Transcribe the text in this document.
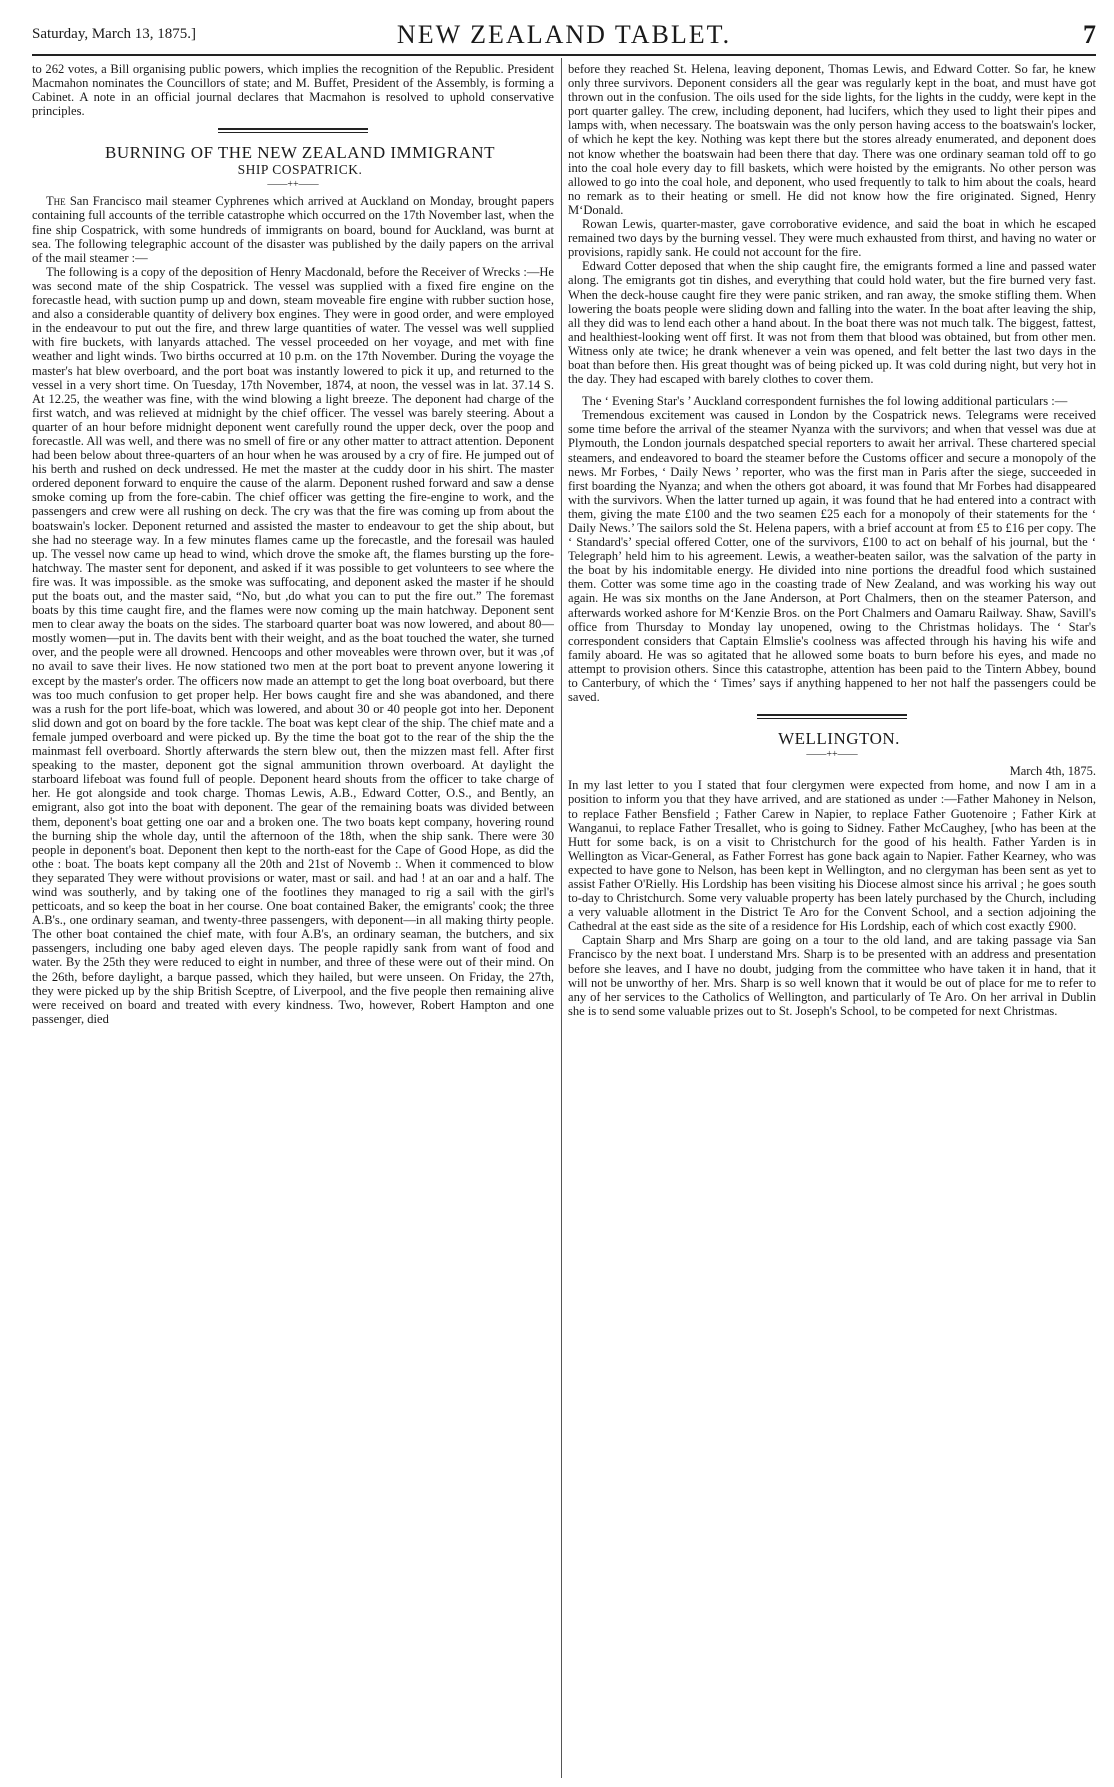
Saturday, March 13, 1875.]	NEW ZEALAND TABLET.	7

to 262 votes, a Bill organising public powers, which implies the recognition of the Republic. President Macmahon nominates the Councillors of state; and M. Buffet, President of the Assembly, is forming a Cabinet. A note in an official journal declares that Macmahon is resolved to uphold conservative principles.

BURNING OF THE NEW ZEALAND IMMIGRANT

SHIP COSPATRICK.

——++——

The San Francisco mail steamer Cyphrenes which arrived at Auckland on Monday, brought papers containing full accounts of the terrible catastrophe which occurred on the 17th November last, when the fine ship Cospatrick, with some hundreds of immigrants on board, bound for Auckland, was burnt at sea. The following telegraphic account of the disaster was published by the daily papers on the arrival of the mail steamer :—

The following is a copy of the deposition of Henry Macdonald, before the Receiver of Wrecks :—He was second mate of the ship Cospatrick. The vessel was supplied with a fixed fire engine on the forecastle head, with suction pump up and down, steam moveable fire engine with rubber suction hose, and also a considerable quantity of delivery box engines. They were in good order, and were employed in the endeavour to put out the fire, and threw large quantities of water. The vessel was well supplied with fire buckets, with lanyards attached. The vessel proceeded on her voyage, and met with fine weather and light winds. Two births occurred at 10 p.m. on the 17th November. During the voyage the master's hat blew overboard, and the port boat was instantly lowered to pick it up, and returned to the vessel in a very short time. On Tuesday, 17th November, 1874, at noon, the vessel was in lat. 37.14 S. At 12.25, the weather was fine, with the wind blowing a light breeze. The deponent had charge of the first watch, and was relieved at midnight by the chief officer. The vessel was barely steering. About a quarter of an hour before midnight deponent went carefully round the upper deck, over the poop and forecastle. All was well, and there was no smell of fire or any other matter to attract attention. Deponent had been below about three-quarters of an hour when he was aroused by a cry of fire. He jumped out of his berth and rushed on deck undressed. He met the master at the cuddy door in his shirt. The master ordered deponent forward to enquire the cause of the alarm. Deponent rushed forward and saw a dense smoke coming up from the fore-cabin. The chief officer was getting the fire-engine to work, and the passengers and crew were all rushing on deck. The cry was that the fire was coming up from about the boatswain's locker. Deponent returned and assisted the master to endeavour to get the ship about, but she had no steerage way. In a few minutes flames came up the forecastle, and the foresail was hauled up. The vessel now came up head to wind, which drove the smoke aft, the flames bursting up the fore-hatchway. The master sent for deponent, and asked if it was possible to get volunteers to see where the fire was. It was impossible. as the smoke was suffocating, and deponent asked the master if he should put the boats out, and the master said, “No, but ,do what you can to put the fire out.” The foremast boats by this time caught fire, and the flames were now coming up the main hatchway. Deponent sent men to clear away the boats on the sides. The starboard quarter boat was now lowered, and about 80—mostly women—put in. The davits bent with their weight, and as the boat touched the water, she turned over, and the people were all drowned. Hencoops and other moveables were thrown over, but it was ,of no avail to save their lives. He now stationed two men at the port boat to prevent anyone lowering it except by the master's order. The officers now made an attempt to get the long boat overboard, but there was too much confusion to get proper help. Her bows caught fire and she was abandoned, and there was a rush for the port life-boat, which was lowered, and about 30 or 40 people got into her. Deponent slid down and got on board by the fore tackle. The boat was kept clear of the ship. The chief mate and a female jumped overboard and were picked up. By the time the boat got to the rear of the ship the the mainmast fell overboard. Shortly afterwards the stern blew out, then the mizzen mast fell. After first speaking to the master, deponent got the signal ammunition thrown overboard. At daylight the starboard lifeboat was found full of people. Deponent heard shouts from the officer to take charge of her. He got alongside and took charge. Thomas Lewis, A.B., Edward Cotter, O.S., and Bently, an emigrant, also got into the boat with deponent. The gear of the remaining boats was divided between them, deponent's boat getting one oar and a broken one. The two boats kept company, hovering round the burning ship the whole day, until the afternoon of the 18th, when the ship sank. There were 30 people in deponent's boat. Deponent then kept to the north-east for the Cape of Good Hope, as did the othe : boat. The boats kept company all the 20th and 21st of Novemb :. When it commenced to blow they separated They were without provisions or water, mast or sail. and had ! at an oar and a half. The wind was southerly, and by taking one of the footlines they managed to rig a sail with the girl's petticoats, and so keep the boat in her course. One boat contained Baker, the emigrants' cook; the three A.B's., one ordinary seaman, and twenty-three passengers, with deponent—in all making thirty people. The other boat contained the chief mate, with four A.B's, an ordinary seaman, the butchers, and six passengers, including one baby aged eleven days. The people rapidly sank from want of food and water. By the 25th they were reduced to eight in number, and three of these were out of their mind. On the 26th, before daylight, a barque passed, which they hailed, but were unseen. On Friday, the 27th, they were picked up by the ship British Sceptre, of Liverpool, and the five people then remaining alive were received on board and treated with every kindness. Two, however, Robert Hampton and one passenger, died

before they reached St. Helena, leaving deponent, Thomas Lewis, and Edward Cotter. So far, he knew only three survivors. Deponent considers all the gear was regularly kept in the boat, and must have got thrown out in the confusion. The oils used for the side lights, for the lights in the cuddy, were kept in the port quarter galley. The crew, including deponent, had lucifers, which they used to light their pipes and lamps with, when necessary. The boatswain was the only person having access to the boatswain's locker, of which he kept the key. Nothing was kept there but the stores already enumerated, and deponent does not know whether the boatswain had been there that day. There was one ordinary seaman told off to go into the coal hole every day to fill baskets, which were hoisted by the emigrants. No other person was allowed to go into the coal hole, and deponent, who used frequently to talk to him about the coals, heard no remark as to their heating or smell. He did not know how the fire originated. Signed, Henry M‘Donald.

Rowan Lewis, quarter-master, gave corroborative evidence, and said the boat in which he escaped remained two days by the burning vessel. They were much exhausted from thirst, and having no water or provisions, rapidly sank. He could not account for the fire.

Edward Cotter deposed that when the ship caught fire, the emigrants formed a line and passed water along. The emigrants got tin dishes, and everything that could hold water, but the fire burned very fast. When the deck-house caught fire they were panic striken, and ran away, the smoke stifling them. When lowering the boats people were sliding down and falling into the water. In the boat after leaving the ship, all they did was to lend each other a hand about. In the boat there was not much talk. The biggest, fattest, and healthiest-looking went off first. It was not from them that blood was obtained, but from other men. Witness only ate twice; he drank whenever a vein was opened, and felt better the last two days in the boat than before then. His great thought was of being picked up. It was cold during night, but very hot in the day. They had escaped with barely clothes to cover them.

The ‘ Evening Star's ’ Auckland correspondent furnishes the fol lowing additional particulars :—

Tremendous excitement was caused in London by the Cospatrick news. Telegrams were received some time before the arrival of the steamer Nyanza with the survivors; and when that vessel was due at Plymouth, the London journals despatched special reporters to await her arrival. These chartered special steamers, and endeavored to board the steamer before the Customs officer and secure a monopoly of the news. Mr Forbes, ‘ Daily News ’ reporter, who was the first man in Paris after the siege, succeeded in first boarding the Nyanza; and when the others got aboard, it was found that Mr Forbes had disappeared with the survivors. When the latter turned up again, it was found that he had entered into a contract with them, giving the mate £100 and the two seamen £25 each for a monopoly of their statements for the ‘ Daily News.’ The sailors sold the St. Helena papers, with a brief account at from £5 to £16 per copy. The ‘ Standard's’ special offered Cotter, one of the survivors, £100 to act on behalf of his journal, but the ‘ Telegraph’ held him to his agreement. Lewis, a weather-beaten sailor, was the salvation of the party in the boat by his indomitable energy. He divided into nine portions the dreadful food which sustained them. Cotter was some time ago in the coasting trade of New Zealand, and was working his way out again. He was six months on the Jane Anderson, at Port Chalmers, then on the steamer Paterson, and afterwards worked ashore for M‘Kenzie Bros. on the Port Chalmers and Oamaru Railway. Shaw, Savill's office from Thursday to Monday lay unopened, owing to the Christmas holidays. The ‘ Star's correspondent considers that Captain Elmslie's coolness was affected through his having his wife and family aboard. He was so agitated that he allowed some boats to burn before his eyes, and made no attempt to provision others. Since this catastrophe, attention has been paid to the Tintern Abbey, bound to Canterbury, of which the ‘ Times’ says if anything happened to her not half the passengers could be saved.

WELLINGTON.

——++——

March 4th, 1875.

In my last letter to you I stated that four clergymen were expected from home, and now I am in a position to inform you that they have arrived, and are stationed as under :—Father Mahoney in Nelson, to replace Father Bensfield ; Father Carew in Napier, to replace Father Guotenoire ; Father Kirk at Wanganui, to replace Father Tresallet, who is going to Sidney. Father McCaughey, [who has been at the Hutt for some back, is on a visit to Christchurch for the good of his health. Father Yarden is in Wellington as Vicar-General, as Father Forrest has gone back again to Napier. Father Kearney, who was expected to have gone to Nelson, has been kept in Wellington, and no clergyman has been sent as yet to assist Father O'Rielly. His Lordship has been visiting his Diocese almost since his arrival ; he goes south to-day to Christchurch. Some very valuable property has been lately purchased by the Church, including a very valuable allotment in the District Te Aro for the Convent School, and a section adjoining the Cathedral at the east side as the site of a residence for His Lordship, each of which cost exactly £900.

Captain Sharp and Mrs Sharp are going on a tour to the old land, and are taking passage via San Francisco by the next boat. I understand Mrs. Sharp is to be presented with an address and presentation before she leaves, and I have no doubt, judging from the committee who have taken it in hand, that it will not be unworthy of her. Mrs. Sharp is so well known that it would be out of place for me to refer to any of her services to the Catholics of Wellington, and particularly of Te Aro. On her arrival in Dublin she is to send some valuable prizes out to St. Joseph's School, to be competed for next Christmas.
